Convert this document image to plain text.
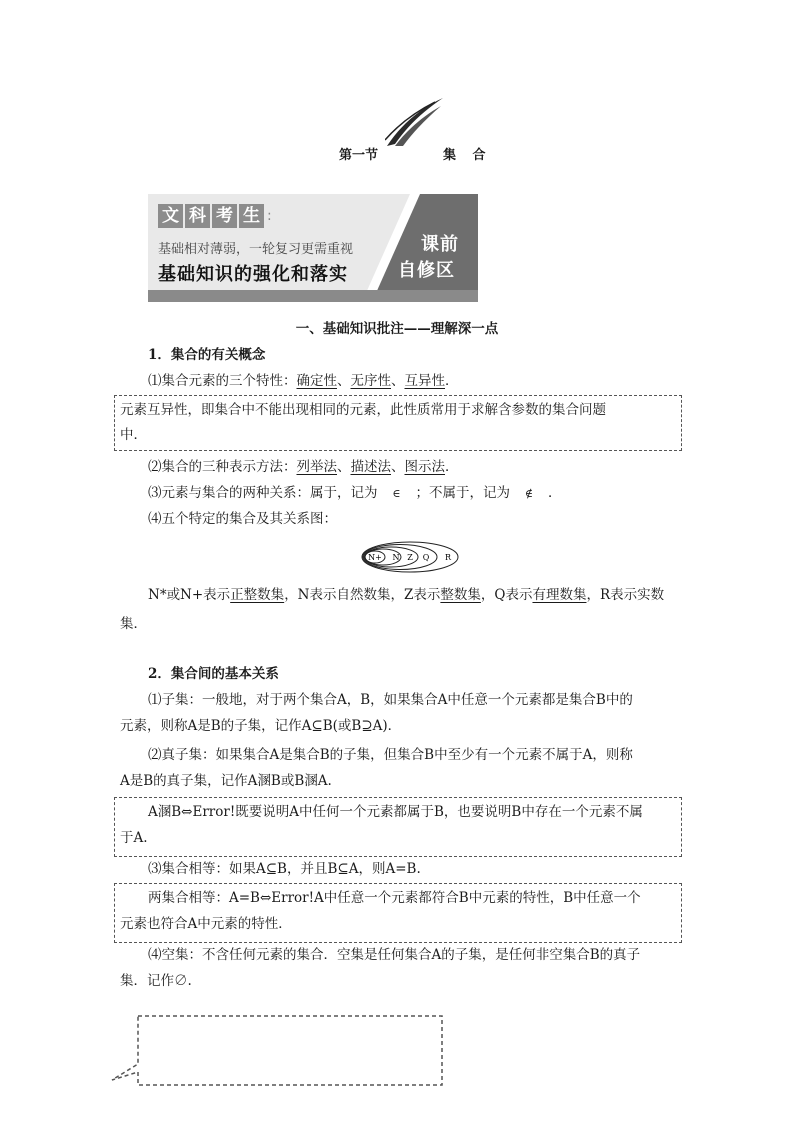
第一节	集 合
文 科 考 生 :
基础相对薄弱，一轮复习更需重视
基础知识的强化和落实
课前
自修区
一、基础知识批注——理解深一点
1．集合的有关概念
⑴集合元素的三个特性：确定性、无序性、互异性．
元素互异性，即集合中不能出现相同的元素，此性质常用于求解含参数的集合问题
中．
⑵集合的三种表示方法：列举法、描述法、图示法．
⑶元素与集合的两种关系：属于，记为 ∈ ；不属于，记为 ∉ ．
⑷五个特定的集合及其关系图：
N+ N Z Q R
N*或N+表示正整数集，N表示自然数集，Z表示整数集，Q表示有理数集，R表示实数
集．
2．集合间的基本关系
⑴子集：一般地，对于两个集合A，B，如果集合A中任意一个元素都是集合B中的
元素，则称A是B的子集，记作A⊆B(或B⊇A)．
⑵真子集：如果集合A是集合B的子集，但集合B中至少有一个元素不属于A，则称
A是B的真子集，记作A溷B或B溷A.
A溷B⇔Error!既要说明A中任何一个元素都属于B，也要说明B中存在一个元素不属
于A.
⑶集合相等：如果A⊆B，并且B⊆A，则A=B.
两集合相等：A=B⇔Error!A中任意一个元素都符合B中元素的特性，B中任意一个
元素也符合A中元素的特性．
⑷空集：不含任何元素的集合．空集是任何集合A的子集，是任何非空集合B的真子
集．记作∅.
